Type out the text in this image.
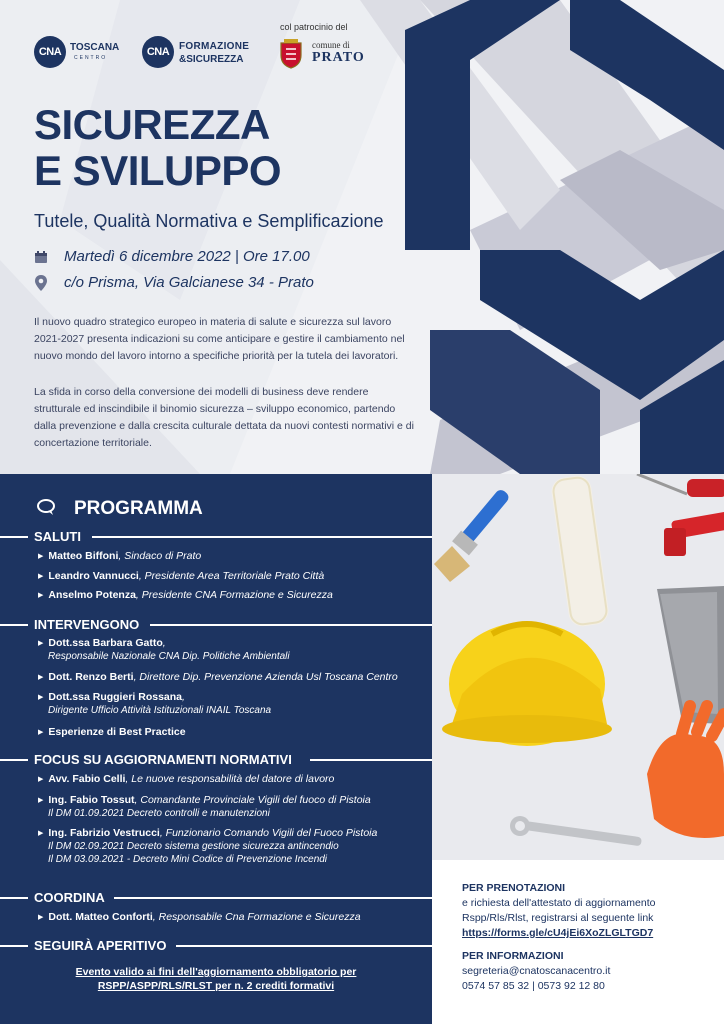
CNA TOSCANA
CENTRO	CNA FORMAZIONE
&SICUREZZA
col patrocinio del
comune di
PRATO
SICUREZZA
E SVILUPPO
Tutele, Qualità Normativa e Semplificazione
Martedì 6 dicembre 2022 | Ore 17.00
c/o Prisma, Via Galcianese 34 - Prato
Il nuovo quadro strategico europeo in materia di salute e sicurezza sul lavoro 2021-2027 presenta indicazioni su come anticipare e gestire il cambiamento nel nuovo mondo del lavoro intorno a specifiche priorità per la tutela dei lavoratori.
La sfida in corso della conversione dei modelli di business deve rendere strutturale ed inscindibile il binomio sicurezza – sviluppo economico, partendo dalla prevenzione e dalla crescita culturale dettata da nuovi contesti normativi e di concertazione territoriale.
PROGRAMMA
SALUTI
▶ Matteo Biffoni, Sindaco di Prato
▶ Leandro Vannucci, Presidente Area Territoriale Prato Città
▶ Anselmo Potenza, Presidente CNA Formazione e Sicurezza
INTERVENGONO
▶ Dott.ssa Barbara Gatto,
Responsabile Nazionale CNA Dip. Politiche Ambientali
▶ Dott. Renzo Berti, Direttore Dip. Prevenzione Azienda Usl Toscana Centro
▶ Dott.ssa Ruggieri Rossana,
Dirigente Ufficio Attività Istituzionali INAIL Toscana
▶ Esperienze di Best Practice
FOCUS SU AGGIORNAMENTI NORMATIVI
▶ Avv. Fabio Celli, Le nuove responsabilità del datore di lavoro
▶ Ing. Fabio Tossut, Comandante Provinciale Vigili del fuoco di Pistoia
Il DM 01.09.2021 Decreto controlli e manutenzioni
▶ Ing. Fabrizio Vestrucci, Funzionario Comando Vigili del Fuoco Pistoia
Il DM 02.09.2021 Decreto sistema gestione sicurezza antincendio
Il DM 03.09.2021 - Decreto Mini Codice di Prevenzione Incendi
COORDINA
▶ Dott. Matteo Conforti, Responsabile Cna Formazione e Sicurezza
SEGUIRÀ APERITIVO
Evento valido ai fini dell'aggiornamento obbligatorio per
RSPP/ASPP/RLS/RLST per n. 2 crediti formativi
PER PRENOTAZIONI
e richiesta dell'attestato di aggiornamento
Rspp/Rls/Rlst, registrarsi al seguente link
https://forms.gle/cU4jEi6XoZLGLTGD7
PER INFORMAZIONI
segreteria@cnatoscanacentro.it
0574 57 85 32 | 0573 92 12 80
